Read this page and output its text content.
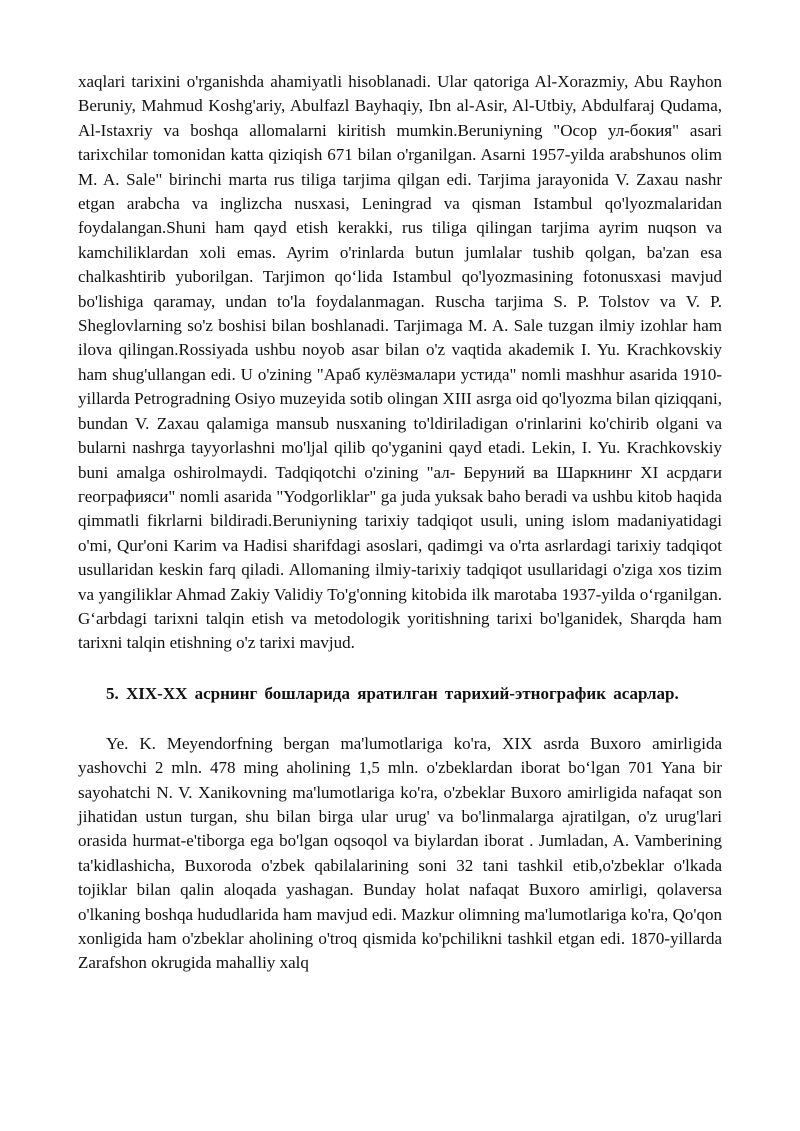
xaqlari tarixini o'rganishda ahamiyatli hisoblanadi. Ular qatoriga Al-Xorazmiy, Abu Rayhon Beruniy, Mahmud Koshg'ariy, Abulfazl Bayhaqiy, Ibn al-Asir, Al-Utbiy, Abdulfaraj Qudama, Al-Istaxriy va boshqa allomalarni kiritish mumkin.Beruniyning "Осор ул-бокия" asari tarixchilar tomonidan katta qiziqish 671 bilan o'rganilgan. Asarni 1957-yilda arabshunos olim M. A. Sale" birinchi marta rus tiliga tarjima qilgan edi. Tarjima jarayonida V. Zaxau nashr etgan arabcha va inglizcha nusxasi, Leningrad va qisman Istambul qo'lyozmalaridan foydalangan.Shuni ham qayd etish kerakki, rus tiliga qilingan tarjima ayrim nuqson va kamchiliklardan xoli emas. Ayrim o'rinlarda butun jumlalar tushib qolgan, ba'zan esa chalkashtirib yuborilgan. Tarjimon qo‘lida Istambul qo'lyozmasining fotonusxasi mavjud bo'lishiga qaramay, undan to'la foydalanmagan. Ruscha tarjima S. P. Tolstov va V. P. Sheglovlarning so'z boshisi bilan boshlanadi. Tarjimaga M. A. Sale tuzgan ilmiy izohlar ham ilova qilingan.Rossiyada ushbu noyob asar bilan o'z vaqtida akademik I. Yu. Krachkovskiy ham shug'ullangan edi. U o'zining "Араб кулёзмалари устида" nomli mashhur asarida 1910-yillarda Petrogradning Osiyo muzeyida sotib olingan XIII asrga oid qo'lyozma bilan qiziqqani, bundan V. Zaxau qalamiga mansub nusxaning to'ldiriladigan o'rinlarini ko'chirib olgani va bularni nashrga tayyorlashni mo'ljal qilib qo'yganini qayd etadi. Lekin, I. Yu. Krachkovskiy buni amalga oshirolmaydi. Tadqiqotchi o'zining "ал- Беруний ва Шаркнинг XI асрдаги географияси" nomli asarida "Yodgorliklar" ga juda yuksak baho beradi va ushbu kitob haqida qimmatli fikrlarni bildiradi.Beruniyning tarixiy tadqiqot usuli, uning islom madaniyatidagi o'mi, Qur'oni Karim va Hadisi sharifdagi asoslari, qadimgi va o'rta asrlardagi tarixiy tadqiqot usullaridan keskin farq qiladi. Allomaning ilmiy-tarixiy tadqiqot usullaridagi o'ziga xos tizim va yangiliklar Ahmad Zakiy Validiy To'g'onning kitobida ilk marotaba 1937-yilda o‘rganilgan. G‘arbdagi tarixni talqin etish va metodologik yoritishning tarixi bo'lganidek, Sharqda ham tarixni talqin etishning o'z tarixi mavjud.

5. XIX-XX асрнинг бошларида яратилган тарихий-этнографик асарлар.

Ye. K. Meyendorfning bergan ma'lumotlariga ko'ra, XIX asrda Buxoro amirligida yashovchi 2 mln. 478 ming aholining 1,5 mln. o'zbeklardan iborat bo‘lgan 701 Yana bir sayohatchi N. V. Xanikovning ma'lumotlariga ko'ra, o'zbeklar Buxoro amirligida nafaqat son jihatidan ustun turgan, shu bilan birga ular urug' va bo'linmalarga ajratilgan, o'z urug'lari orasida hurmat-e'tiborga ega bo'lgan oqsoqol va biylardan iborat . Jumladan, A. Vamberining ta'kidlashicha, Buxoroda o'zbek qabilalarining soni 32 tani tashkil etib,o'zbeklar o'lkada tojiklar bilan qalin aloqada yashagan. Bunday holat nafaqat Buxoro amirligi, qolaversa o'lkaning boshqa hududlarida ham mavjud edi. Mazkur olimning ma'lumotlariga ko'ra, Qo'qon xonligida ham o'zbeklar aholining o'troq qismida ko'pchilikni tashkil etgan edi. 1870-yillarda Zarafshon okrugida mahalliy xalq
